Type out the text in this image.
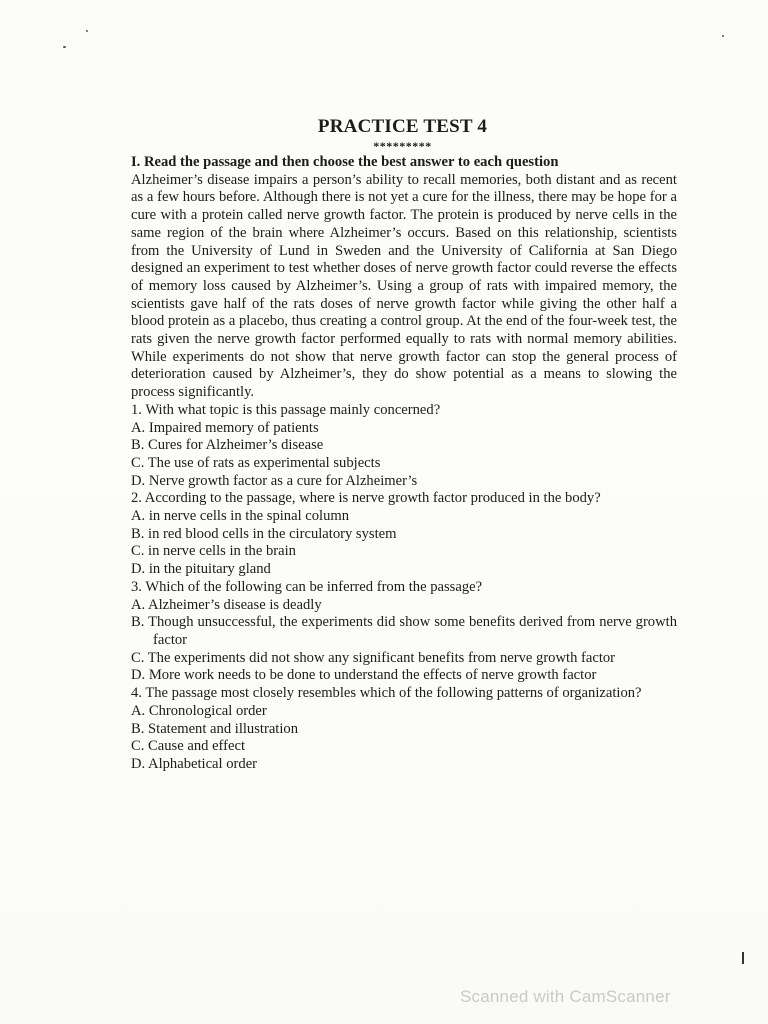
PRACTICE TEST 4
*********
I. Read the passage and then choose the best answer to each question
Alzheimer’s disease impairs a person’s ability to recall memories, both distant and as recent as a few hours before. Although there is not yet a cure for the illness, there may be hope for a cure with a protein called nerve growth factor. The protein is produced by nerve cells in the same region of the brain where Alzheimer’s occurs. Based on this relationship, scientists from the University of Lund in Sweden and the University of California at San Diego designed an experiment to test whether doses of nerve growth factor could reverse the effects of memory loss caused by Alzheimer’s. Using a group of rats with impaired memory, the scientists gave half of the rats doses of nerve growth factor while giving the other half a blood protein as a placebo, thus creating a control group. At the end of the four-week test, the rats given the nerve growth factor performed equally to rats with normal memory abilities. While experiments do not show that nerve growth factor can stop the general process of deterioration caused by Alzheimer’s, they do show potential as a means to slowing the process significantly.
1. With what topic is this passage mainly concerned?
A. Impaired memory of patients
B. Cures for Alzheimer’s disease
C. The use of rats as experimental subjects
D. Nerve growth factor as a cure for Alzheimer’s
2. According to the passage, where is nerve growth factor produced in the body?
A. in nerve cells in the spinal column
B. in red blood cells in the circulatory system
C. in nerve cells in the brain
D. in the pituitary gland
3. Which of the following can be inferred from the passage?
A. Alzheimer’s disease is deadly
B. Though unsuccessful, the experiments did show some benefits derived from nerve growth factor
C. The experiments did not show any significant benefits from nerve growth factor
D. More work needs to be done to understand the effects of nerve growth factor
4. The passage most closely resembles which of the following patterns of organization?
A. Chronological order
B. Statement and illustration
C. Cause and effect
D. Alphabetical order
Scanned with CamScanner
